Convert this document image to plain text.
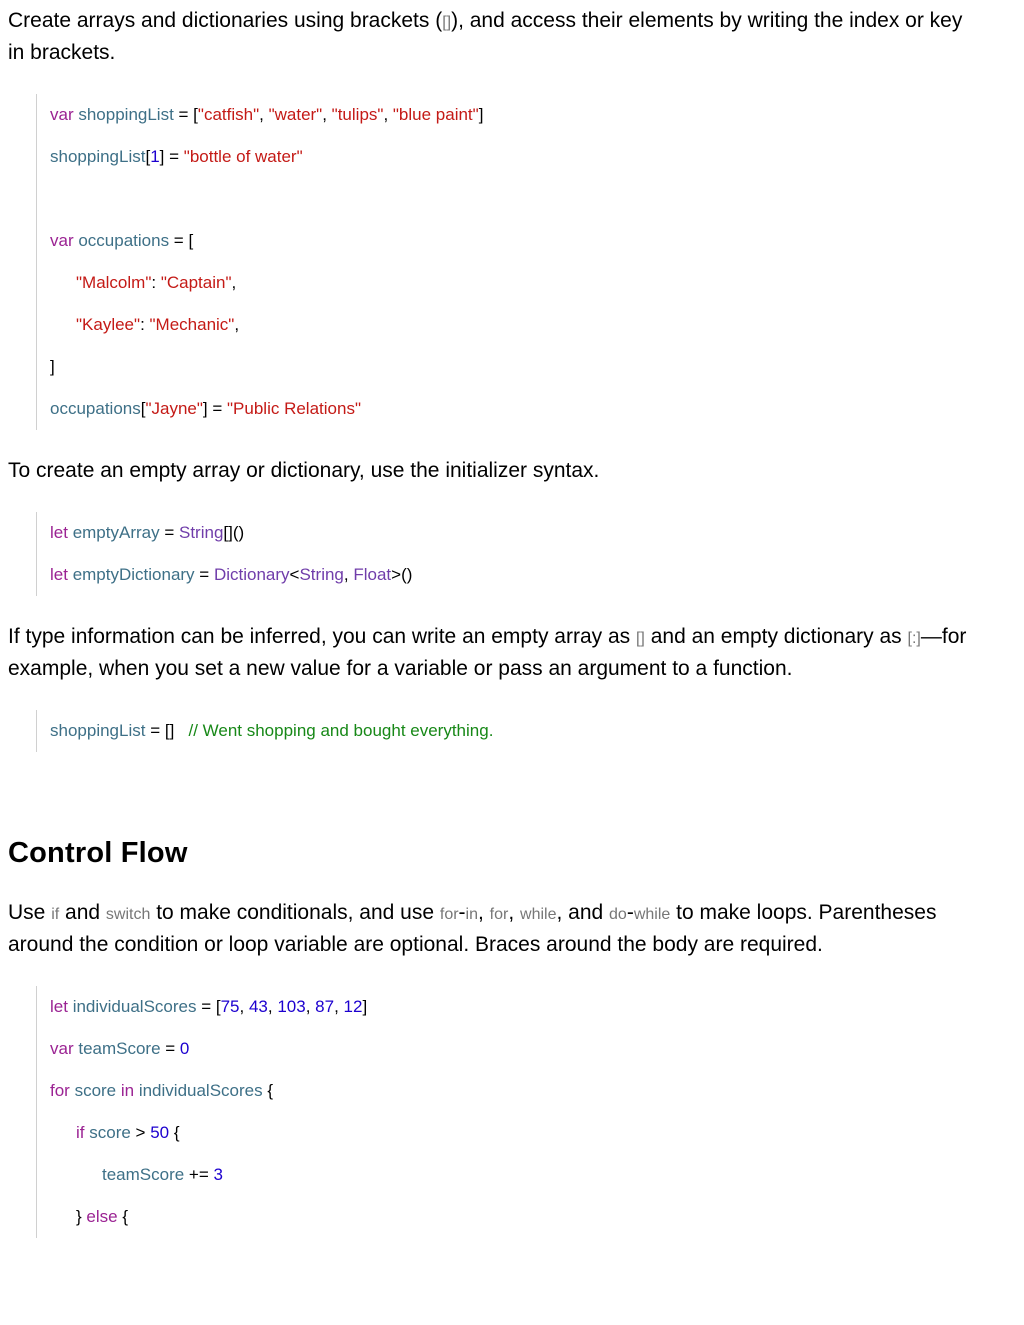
Create arrays and dictionaries using brackets ([]), and access their elements by writing the index or key in brackets.

var shoppingList = ["catfish", "water", "tulips", "blue paint"]
shoppingList[1] = "bottle of water"

var occupations = [
"Malcolm": "Captain",
"Kaylee": "Mechanic",
]
occupations["Jayne"] = "Public Relations"

To create an empty array or dictionary, use the initializer syntax.

let emptyArray = String[]()
let emptyDictionary = Dictionary<String, Float>()

If type information can be inferred, you can write an empty array as [] and an empty dictionary as [:]—for example, when you set a new value for a variable or pass an argument to a function.

shoppingList = []   // Went shopping and bought everything.
Control Flow

Use if and switch to make conditionals, and use for-in, for, while, and do-while to make loops. Parentheses around the condition or loop variable are optional. Braces around the body are required.

let individualScores = [75, 43, 103, 87, 12]
var teamScore = 0
for score in individualScores {
if score > 50 {
teamScore += 3
} else {
